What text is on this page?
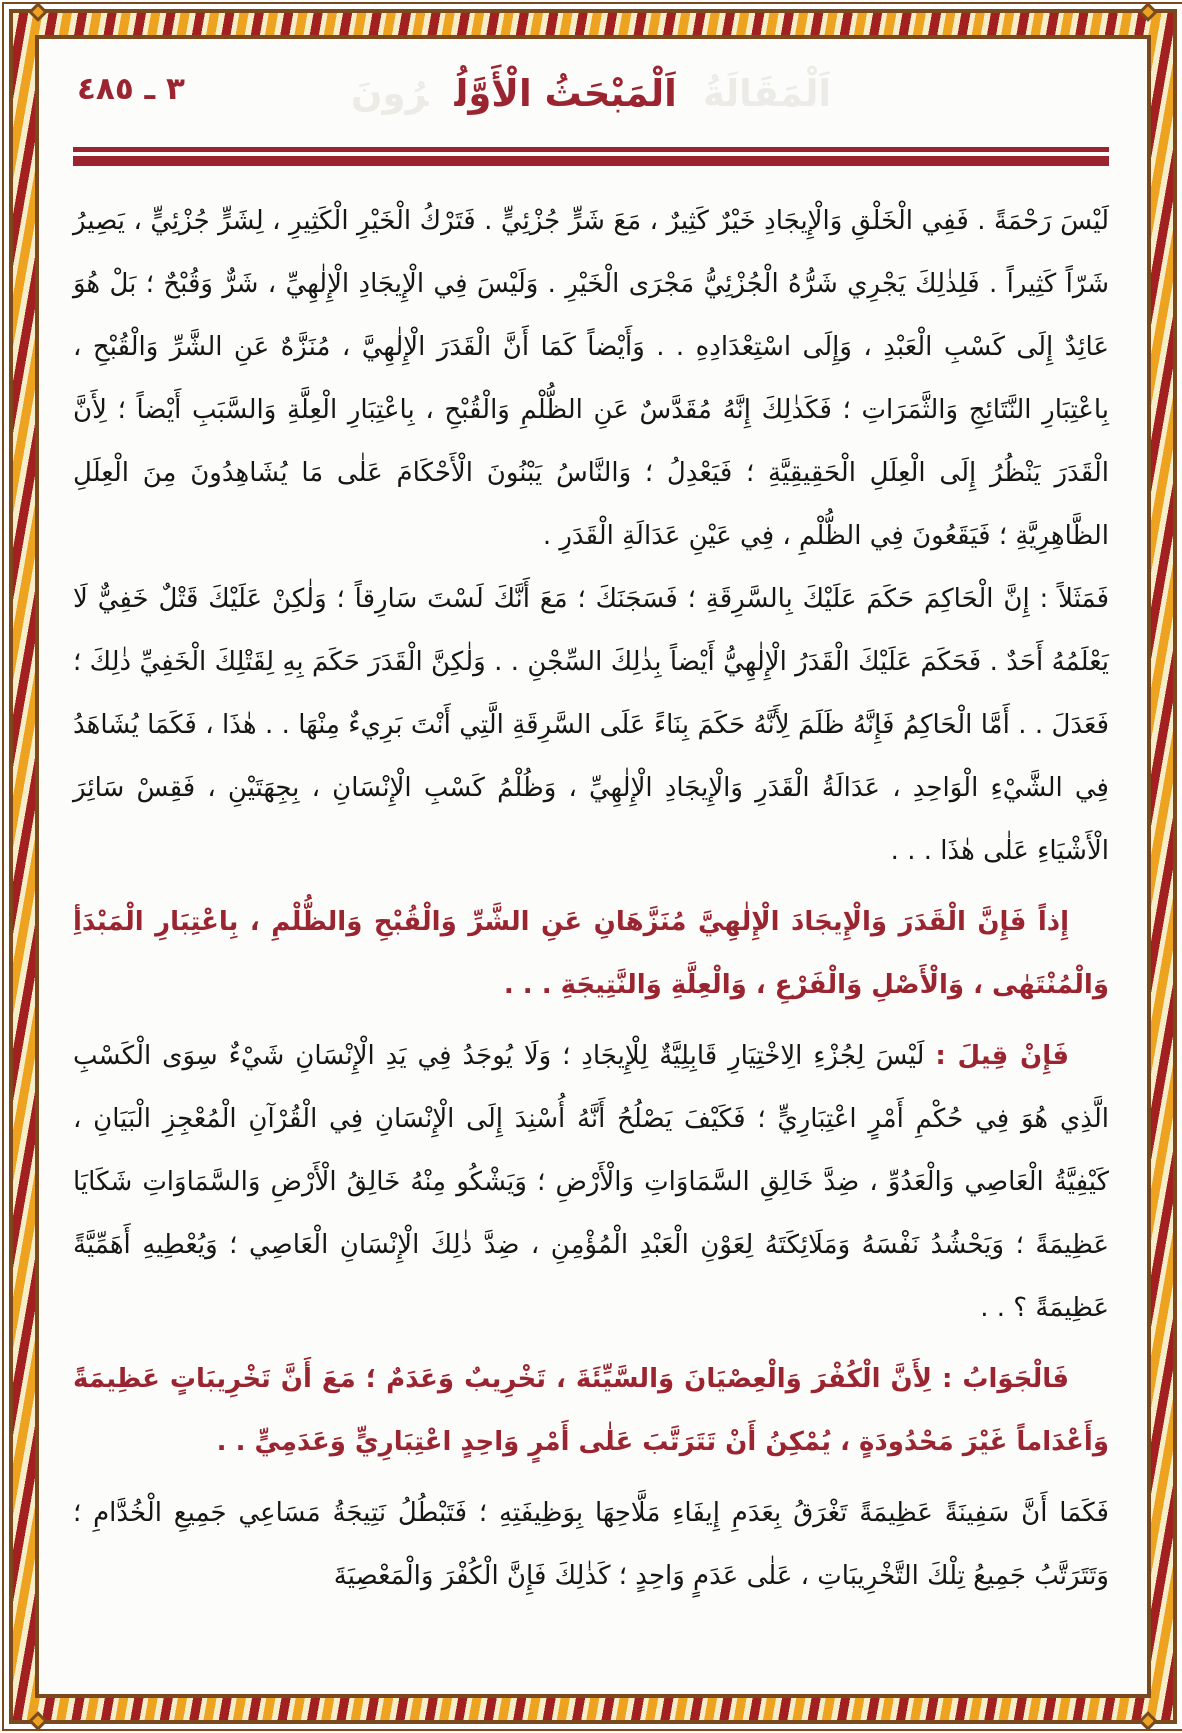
٣ ـ ٤٨٥	اَلْمَقَالَةُاَلْمَبْحَثُ الْأَوَّلُرُونَ

لَيْسَ رَحْمَةً . فَفِي الْخَلْقِ وَالْإِيجَادِ خَيْرٌ كَثِيرٌ ، مَعَ شَرٍّ جُزْئِيٍّ . فَتَرْكُ الْخَيْرِ الْكَثِيرِ ، لِشَرٍّ جُزْئِيٍّ ، يَصِيرُ شَرّاً كَثِيراً . فَلِذٰلِكَ يَجْرِي شَرُّهُ الْجُزْئِيُّ مَجْرَى الْخَيْرِ . وَلَيْسَ فِي الْإِيجَادِ الْإِلٰهِيِّ ، شَرٌّ وَقُبْحٌ ؛ بَلْ هُوَ عَائِدٌ إِلَى كَسْبِ الْعَبْدِ ، وَإِلَى اسْتِعْدَادِهِ . . وَأَيْضاً كَمَا أَنَّ الْقَدَرَ الْإِلٰهِيَّ ، مُنَزَّهٌ عَنِ الشَّرِّ وَالْقُبْحِ ، بِاعْتِبَارِ النَّتَائِجِ وَالثَّمَرَاتِ ؛ فَكَذٰلِكَ إِنَّهُ مُقَدَّسٌ عَنِ الظُّلْمِ وَالْقُبْحِ ، بِاعْتِبَارِ الْعِلَّةِ وَالسَّبَبِ أَيْضاً ؛ لِأَنَّ الْقَدَرَ يَنْظُرُ إِلَى الْعِلَلِ الْحَقِيقِيَّةِ ؛ فَيَعْدِلُ ؛ وَالنَّاسُ يَبْنُونَ الْأَحْكَامَ عَلٰى مَا يُشَاهِدُونَ مِنَ الْعِلَلِ الظَّاهِرِيَّةِ ؛ فَيَقَعُونَ فِي الظُّلْمِ ، فِي عَيْنِ عَدَالَةِ الْقَدَرِ .

فَمَثَلاً : إِنَّ الْحَاكِمَ حَكَمَ عَلَيْكَ بِالسَّرِقَةِ ؛ فَسَجَنَكَ ؛ مَعَ أَنَّكَ لَسْتَ سَارِقاً ؛ وَلٰكِنْ عَلَيْكَ قَتْلٌ خَفِيٌّ لَا يَعْلَمُهُ أَحَدٌ . فَحَكَمَ عَلَيْكَ الْقَدَرُ الْإِلٰهِيُّ أَيْضاً بِذٰلِكَ السِّجْنِ . . وَلٰكِنَّ الْقَدَرَ حَكَمَ بِهِ لِقَتْلِكَ الْخَفِيِّ ذٰلِكَ ؛ فَعَدَلَ . . أَمَّا الْحَاكِمُ فَإِنَّهُ ظَلَمَ لِأَنَّهُ حَكَمَ بِنَاءً عَلَى السَّرِقَةِ الَّتِي أَنْتَ بَرِيءٌ مِنْهَا . . هٰذَا ، فَكَمَا يُشَاهَدُ فِي الشَّيْءِ الْوَاحِدِ ، عَدَالَةُ الْقَدَرِ وَالْإِيجَادِ الْإِلٰهِيِّ ، وَظُلْمُ كَسْبِ الْإِنْسَانِ ، بِجِهَتَيْنِ ، فَقِسْ سَائِرَ الْأَشْيَاءِ عَلٰى هٰذَا . . .

إِذاً فَإِنَّ الْقَدَرَ وَالْإِيجَادَ الْإِلٰهِيَّ مُنَزَّهَانِ عَنِ الشَّرِّ وَالْقُبْحِ وَالظُّلْمِ ، بِاعْتِبَارِ الْمَبْدَأِ وَالْمُنْتَهٰى ، وَالْأَصْلِ وَالْفَرْعِ ، وَالْعِلَّةِ وَالنَّتِيجَةِ . . .

فَإِنْ قِيلَ : لَيْسَ لِجُزْءِ الِاخْتِيَارِ قَابِلِيَّةٌ لِلْإِيجَادِ ؛ وَلَا يُوجَدُ فِي يَدِ الْإِنْسَانِ شَيْءٌ سِوَى الْكَسْبِ الَّذِي هُوَ فِي حُكْمِ أَمْرٍ اعْتِبَارِيٍّ ؛ فَكَيْفَ يَصْلُحُ أَنَّهُ أُسْنِدَ إِلَى الْإِنْسَانِ فِي الْقُرْآنِ الْمُعْجِزِ الْبَيَانِ ، كَيْفِيَّةُ الْعَاصِي وَالْعَدُوِّ ، ضِدَّ خَالِقِ السَّمَاوَاتِ وَالْأَرْضِ ؛ وَيَشْكُو مِنْهُ خَالِقُ الْأَرْضِ وَالسَّمَاوَاتِ شَكَايَا عَظِيمَةً ؛ وَيَحْشُدُ نَفْسَهُ وَمَلَائِكَتَهُ لِعَوْنِ الْعَبْدِ الْمُؤْمِنِ ، ضِدَّ ذٰلِكَ الْإِنْسَانِ الْعَاصِي ؛ وَيُعْطِيهِ أَهَمِّيَّةً عَظِيمَةً ؟ . .

فَالْجَوَابُ : لِأَنَّ الْكُفْرَ وَالْعِصْيَانَ وَالسَّيِّئَةَ ، تَخْرِيبٌ وَعَدَمٌ ؛ مَعَ أَنَّ تَخْرِيبَاتٍ عَظِيمَةً وَأَعْدَاماً غَيْرَ مَحْدُودَةٍ ، يُمْكِنُ أَنْ تَتَرَتَّبَ عَلٰى أَمْرٍ وَاحِدٍ اعْتِبَارِيٍّ وَعَدَمِيٍّ . .

فَكَمَا أَنَّ سَفِينَةً عَظِيمَةً تَغْرَقُ بِعَدَمِ إِيفَاءِ مَلَّاحِهَا بِوَظِيفَتِهِ ؛ فَتَبْطُلُ نَتِيجَةُ مَسَاعِي جَمِيعِ الْخُدَّامِ ؛ وَتَتَرَتَّبُ جَمِيعُ تِلْكَ التَّخْرِيبَاتِ ، عَلٰى عَدَمٍ وَاحِدٍ ؛ كَذٰلِكَ فَإِنَّ الْكُفْرَ وَالْمَعْصِيَةَ
